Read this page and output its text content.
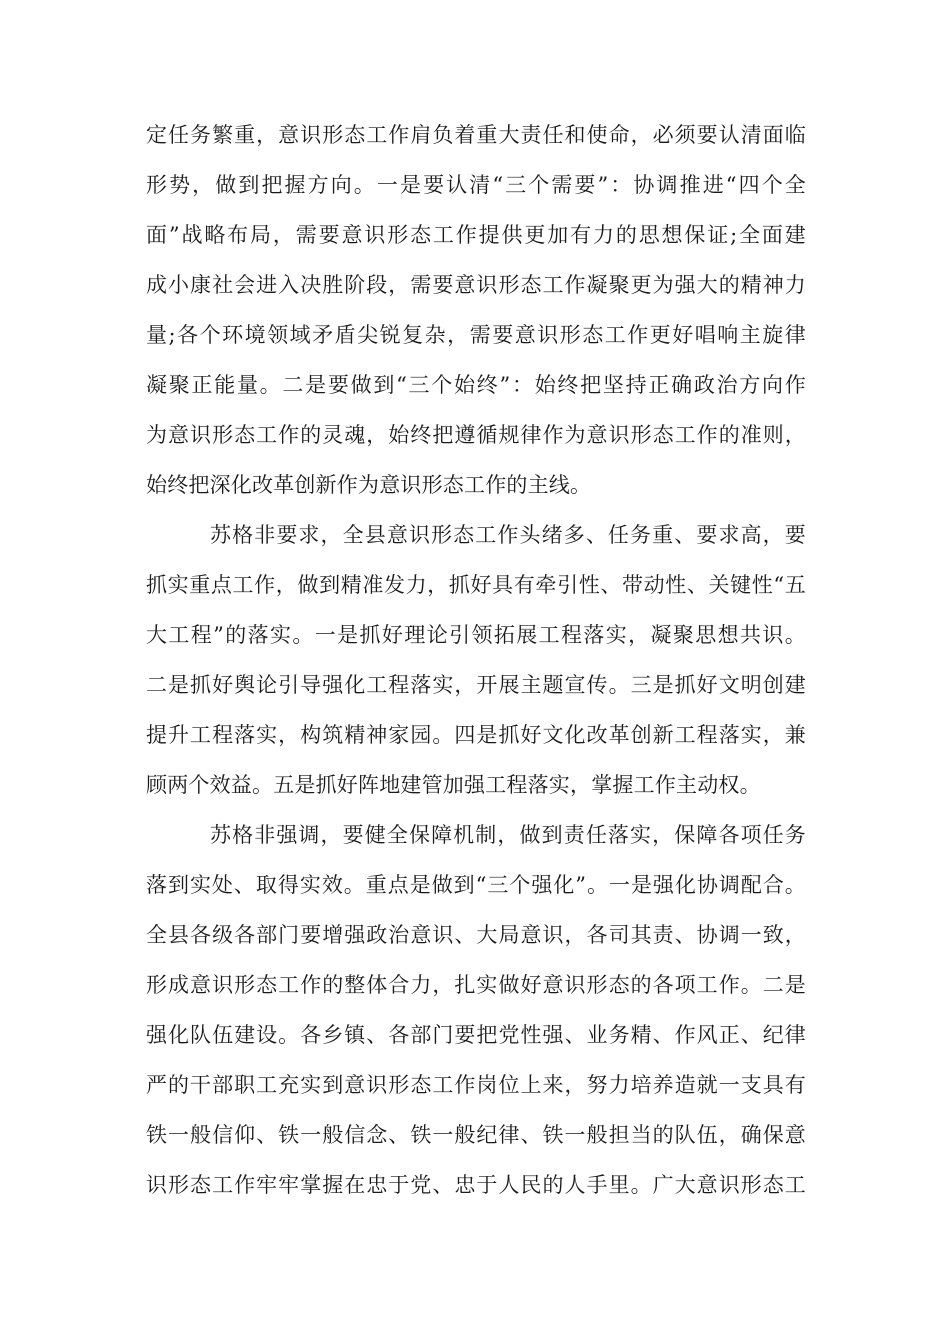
定任务繁重，意识形态工作肩负着重大责任和使命，必须要认清面临
形势，做到把握方向。一是要认清“三个需要”：协调推进“四个全
面”战略布局，需要意识形态工作提供更加有力的思想保证;全面建
成小康社会进入决胜阶段，需要意识形态工作凝聚更为强大的精神力
量;各个环境领域矛盾尖锐复杂，需要意识形态工作更好唱响主旋律
凝聚正能量。二是要做到“三个始终”：始终把坚持正确政治方向作
为意识形态工作的灵魂，始终把遵循规律作为意识形态工作的准则，
始终把深化改革创新作为意识形态工作的主线。
苏格非要求，全县意识形态工作头绪多、任务重、要求高，要
抓实重点工作，做到精准发力，抓好具有牵引性、带动性、关键性“五
大工程”的落实。一是抓好理论引领拓展工程落实，凝聚思想共识。
二是抓好舆论引导强化工程落实，开展主题宣传。三是抓好文明创建
提升工程落实，构筑精神家园。四是抓好文化改革创新工程落实，兼
顾两个效益。五是抓好阵地建管加强工程落实，掌握工作主动权。
苏格非强调，要健全保障机制，做到责任落实，保障各项任务
落到实处、取得实效。重点是做到“三个强化”。一是强化协调配合。
全县各级各部门要增强政治意识、大局意识，各司其责、协调一致，
形成意识形态工作的整体合力，扎实做好意识形态的各项工作。二是
强化队伍建设。各乡镇、各部门要把党性强、业务精、作风正、纪律
严的干部职工充实到意识形态工作岗位上来，努力培养造就一支具有
铁一般信仰、铁一般信念、铁一般纪律、铁一般担当的队伍，确保意
识形态工作牢牢掌握在忠于党、忠于人民的人手里。广大意识形态工
